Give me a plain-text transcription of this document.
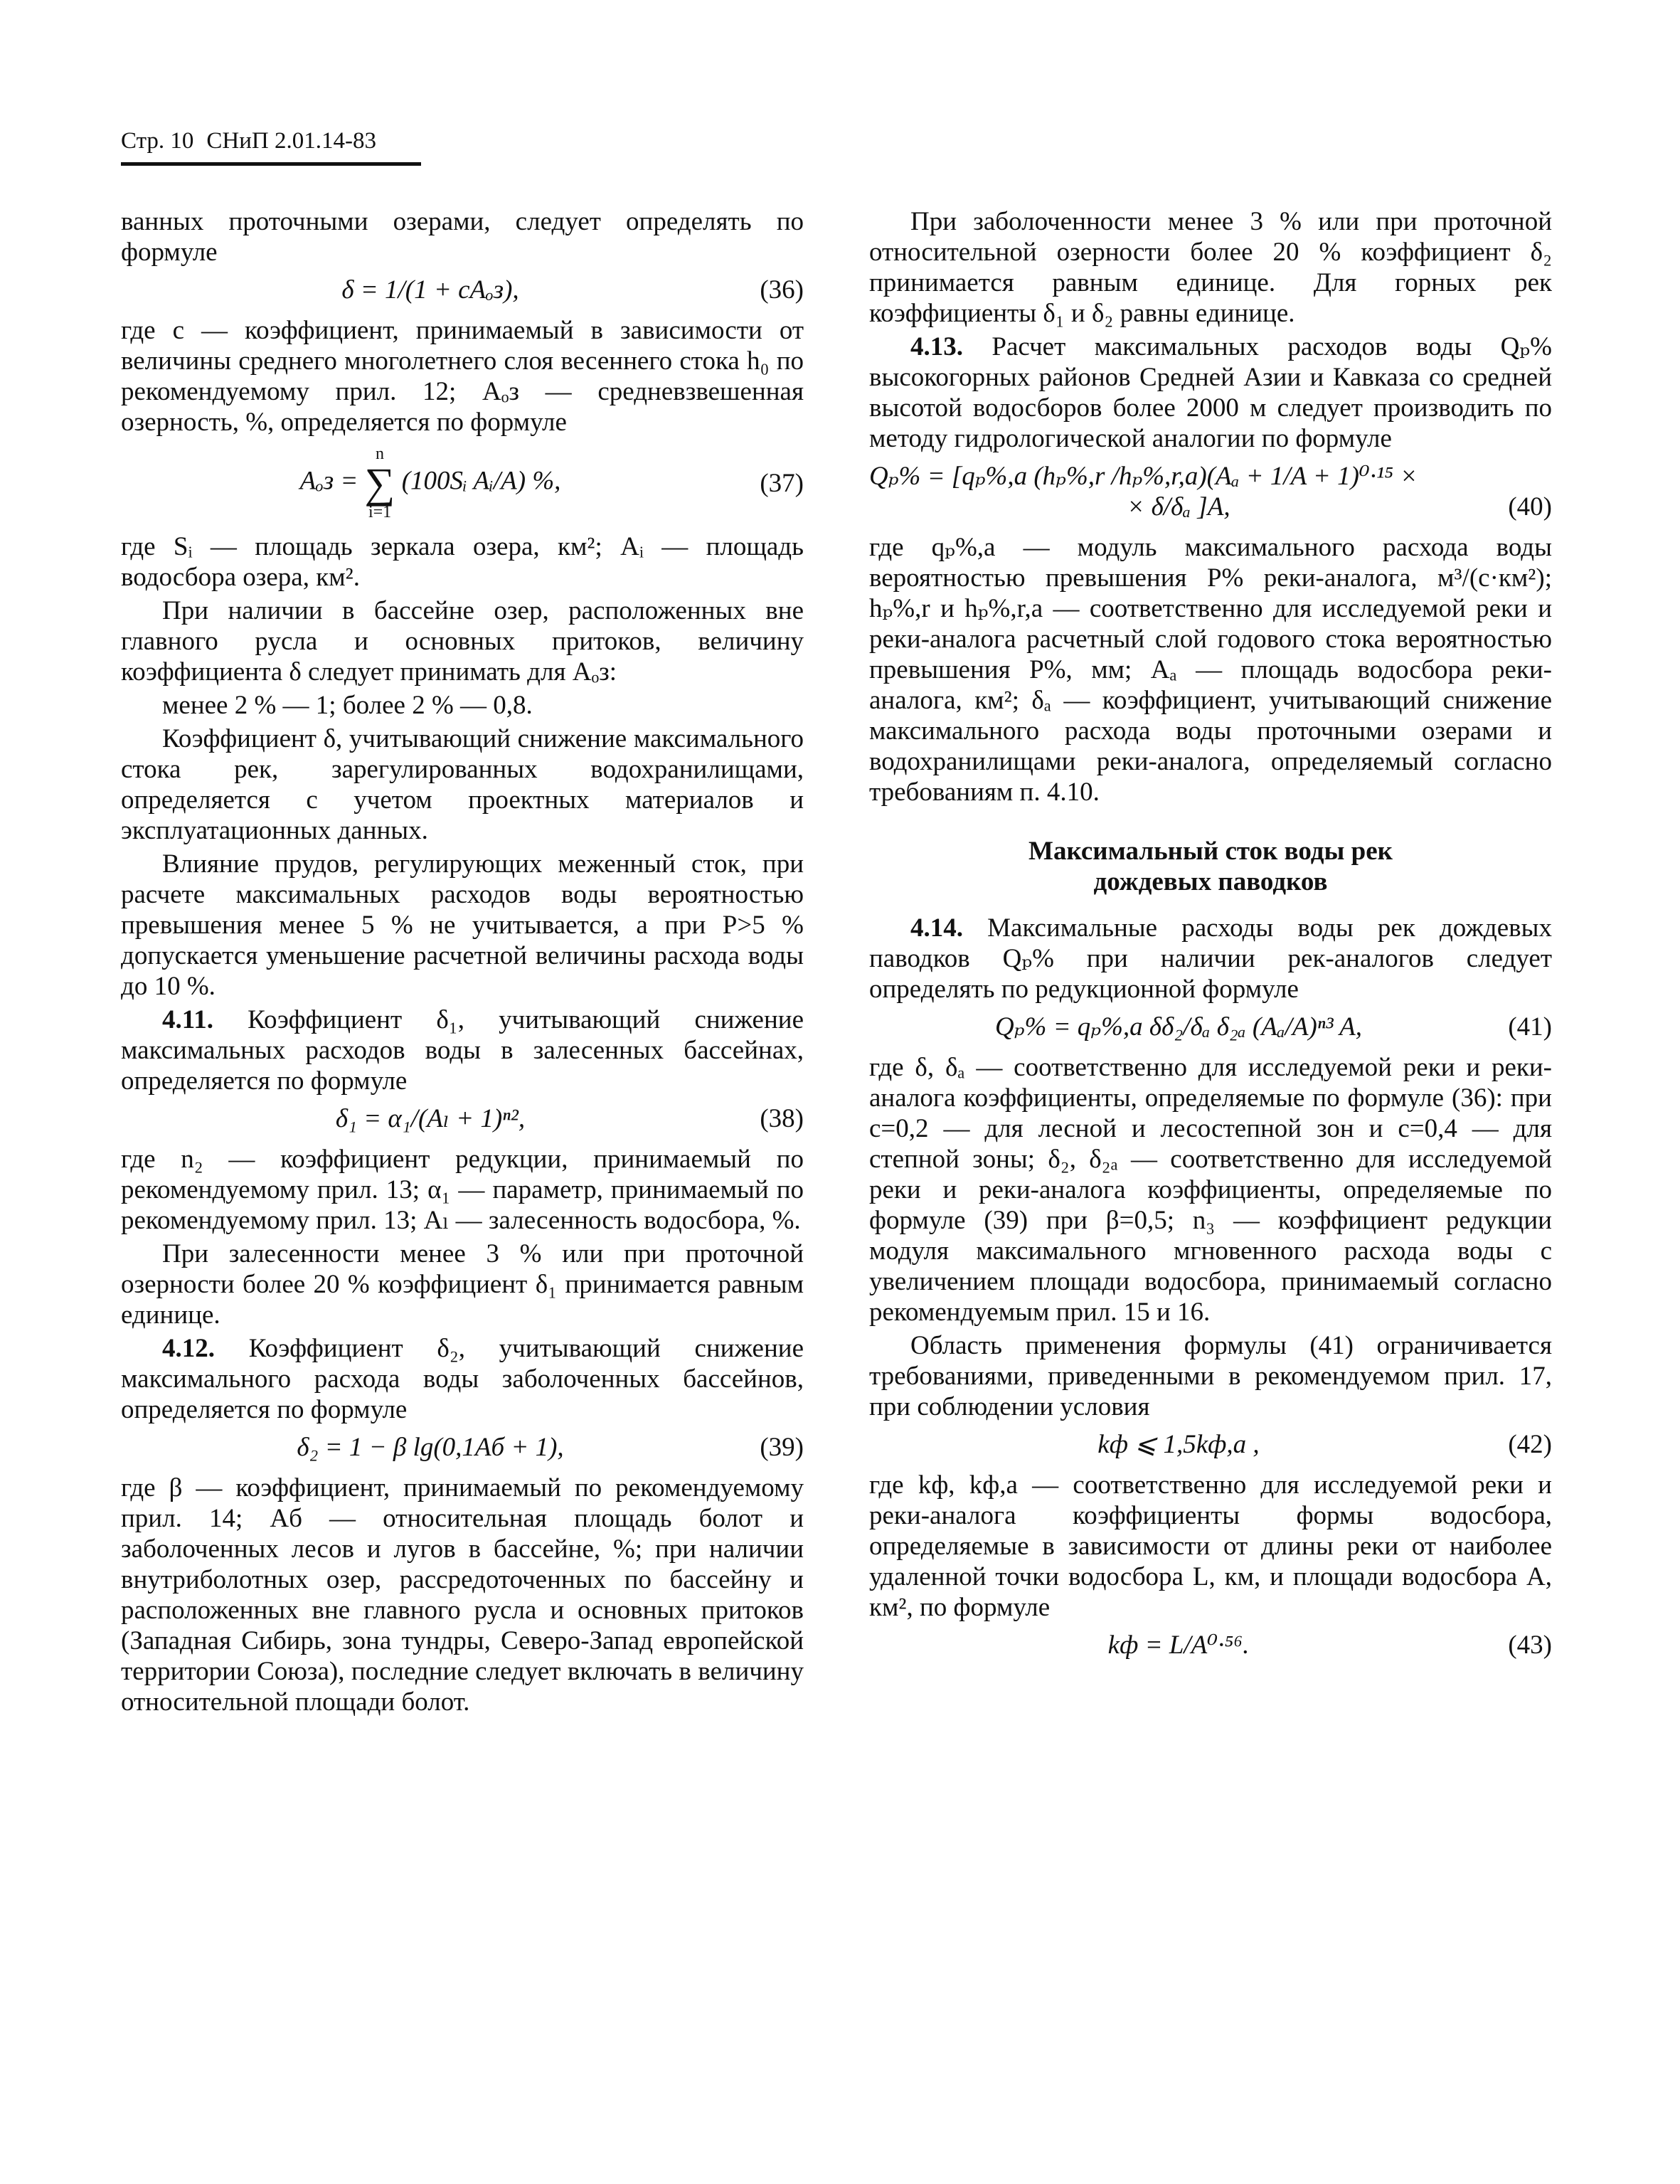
Стр. 10 СНиП 2.01.14-83

ванных проточными озерами, следует определять по формуле

δ = 1/(1 + cAₒз),	(36)

где c — коэффициент, принимаемый в зависимости от величины среднего многолетнего слоя весеннего стока h₀ по рекомендуемому прил. 12; Aₒз — средневзвешенная озерность, %, определяется по формуле

Aₒз =
n
∑
i=1
(100Sᵢ Aᵢ/A) %,	(37)

где Sᵢ — площадь зеркала озера, км²; Aᵢ — площадь водосбора озера, км².

При наличии в бассейне озер, расположенных вне главного русла и основных притоков, величину коэффициента δ следует принимать для Aₒз:

менее 2 % — 1; более 2 % — 0,8.

Коэффициент δ, учитывающий снижение максимального стока рек, зарегулированных водохранилищами, определяется с учетом проектных материалов и эксплуатационных данных.

Влияние прудов, регулирующих меженный сток, при расчете максимальных расходов воды вероятностью превышения менее 5 % не учитывается, а при P>5 % допускается уменьшение расчетной величины расхода воды до 10 %.

4.11. Коэффициент δ₁, учитывающий снижение максимальных расходов воды в залесенных бассейнах, определяется по формуле

δ₁ = α₁/(Aₗ + 1)ⁿ²,	(38)

где n₂ — коэффициент редукции, принимаемый по рекомендуемому прил. 13; α₁ — параметр, принимаемый по рекомендуемому прил. 13; Aₗ — залесенность водосбора, %.

При залесенности менее 3 % или при проточной озерности более 20 % коэффициент δ₁ принимается равным единице.

4.12. Коэффициент δ₂, учитывающий снижение максимального расхода воды заболоченных бассейнов, определяется по формуле

δ₂ = 1 − β lg(0,1Aб + 1),	(39)

где β — коэффициент, принимаемый по рекомендуемому прил. 14; Aб — относительная площадь болот и заболоченных лесов и лугов в бассейне, %; при наличии внутриболотных озер, рассредоточенных по бассейну и расположенных вне главного русла и основных притоков (Западная Сибирь, зона тундры, Северо-Запад европейской территории Союза), последние следует включать в величину относительной площади болот.

При заболоченности менее 3 % или при проточной относительной озерности более 20 % коэффициент δ₂ принимается равным единице. Для горных рек коэффициенты δ₁ и δ₂ равны единице.

4.13. Расчет максимальных расходов воды Qₚ% высокогорных районов Средней Азии и Кавказа со средней высотой водосборов более 2000 м следует производить по методу гидрологической аналогии по формуле

Qₚ% = [qₚ%,a (hₚ%,r /hₚ%,r,a)(Aₐ + 1/A + 1)⁰·¹⁵ ×
× δ/δₐ ]A,	(40)

где qₚ%,a — модуль максимального расхода воды вероятностью превышения P% реки-аналога, м³/(с·км²); hₚ%,r и hₚ%,r,a — соответственно для исследуемой реки и реки-аналога расчетный слой годового стока вероятностью превышения P%, мм; Aₐ — площадь водосбора реки-аналога, км²; δₐ — коэффициент, учитывающий снижение максимального расхода воды проточными озерами и водохранилищами реки-аналога, определяемый согласно требованиям п. 4.10.

Максимальный сток воды рек
дождевых паводков

4.14. Максимальные расходы воды рек дождевых паводков Qₚ% при наличии рек-аналогов следует определять по редукционной формуле

Qₚ% = qₚ%,a δδ₂/δₐ δ₂ₐ (Aₐ/A)ⁿ³ A,	(41)

где δ, δₐ — соответственно для исследуемой реки и реки-аналога коэффициенты, определяемые по формуле (36): при c=0,2 — для лесной и лесостепной зон и c=0,4 — для степной зоны; δ₂, δ₂ₐ — соответственно для исследуемой реки и реки-аналога коэффициенты, определяемые по формуле (39) при β=0,5; n₃ — коэффициент редукции модуля максимального мгновенного расхода воды с увеличением площади водосбора, принимаемый согласно рекомендуемым прил. 15 и 16.

Область применения формулы (41) ограничивается требованиями, приведенными в рекомендуемом прил. 17, при соблюдении условия

kф ⩽ 1,5kф,a ,	(42)

где kф, kф,a — соответственно для исследуемой реки и реки-аналога коэффициенты формы водосбора, определяемые в зависимости от длины реки от наиболее удаленной точки водосбора L, км, и площади водосбора A, км², по формуле

kф = L/A⁰·⁵⁶.	(43)
